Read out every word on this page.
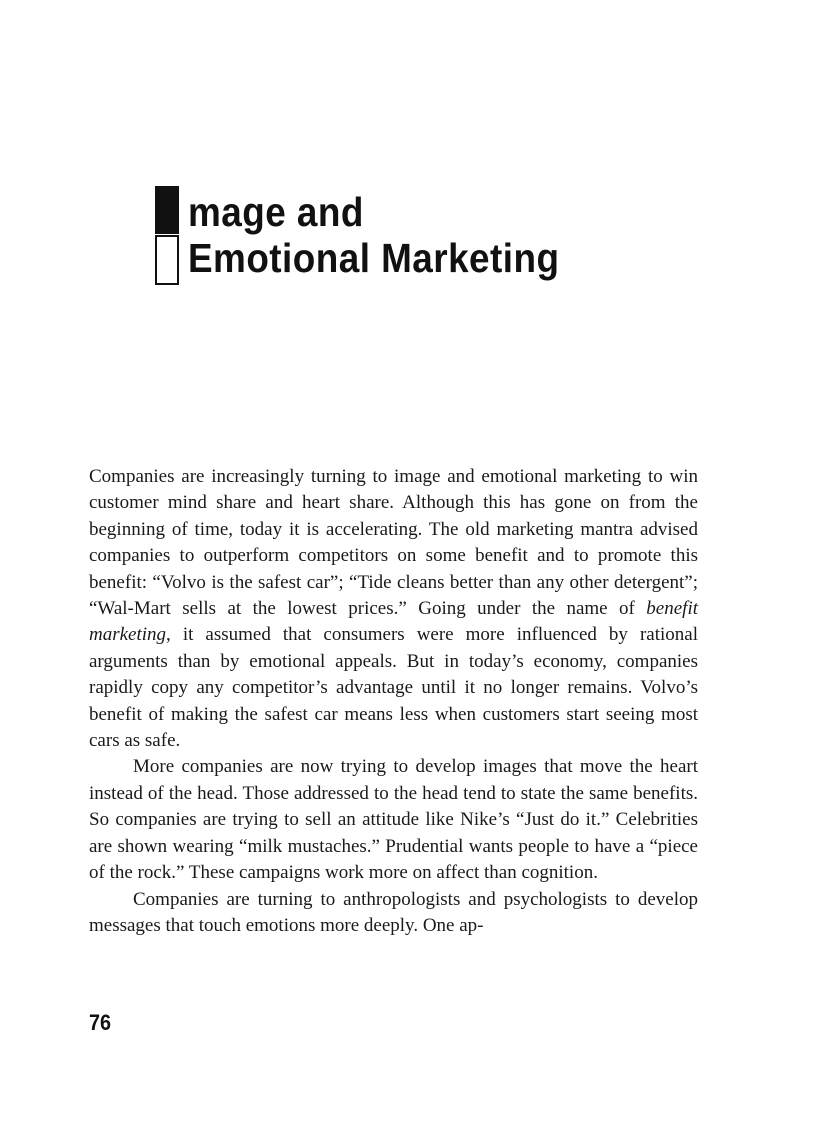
mage and
Emotional Marketing

Companies are increasingly turning to image and emotional marketing to win customer mind share and heart share. Although this has gone on from the beginning of time, today it is accelerating. The old marketing mantra advised companies to outperform competitors on some benefit and to promote this benefit: “Volvo is the safest car”; “Tide cleans better than any other detergent”; “Wal-Mart sells at the lowest prices.” Going under the name of benefit marketing, it assumed that consumers were more influenced by rational arguments than by emotional appeals. But in today’s economy, companies rapidly copy any competitor’s advantage until it no longer remains. Volvo’s benefit of making the safest car means less when customers start seeing most cars as safe.

More companies are now trying to develop images that move the heart instead of the head. Those addressed to the head tend to state the same benefits. So companies are trying to sell an attitude like Nike’s “Just do it.” Celebrities are shown wearing “milk mustaches.” Prudential wants people to have a “piece of the rock.” These campaigns work more on affect than cognition.

Companies are turning to anthropologists and psychologists to develop messages that touch emotions more deeply. One ap-

76
